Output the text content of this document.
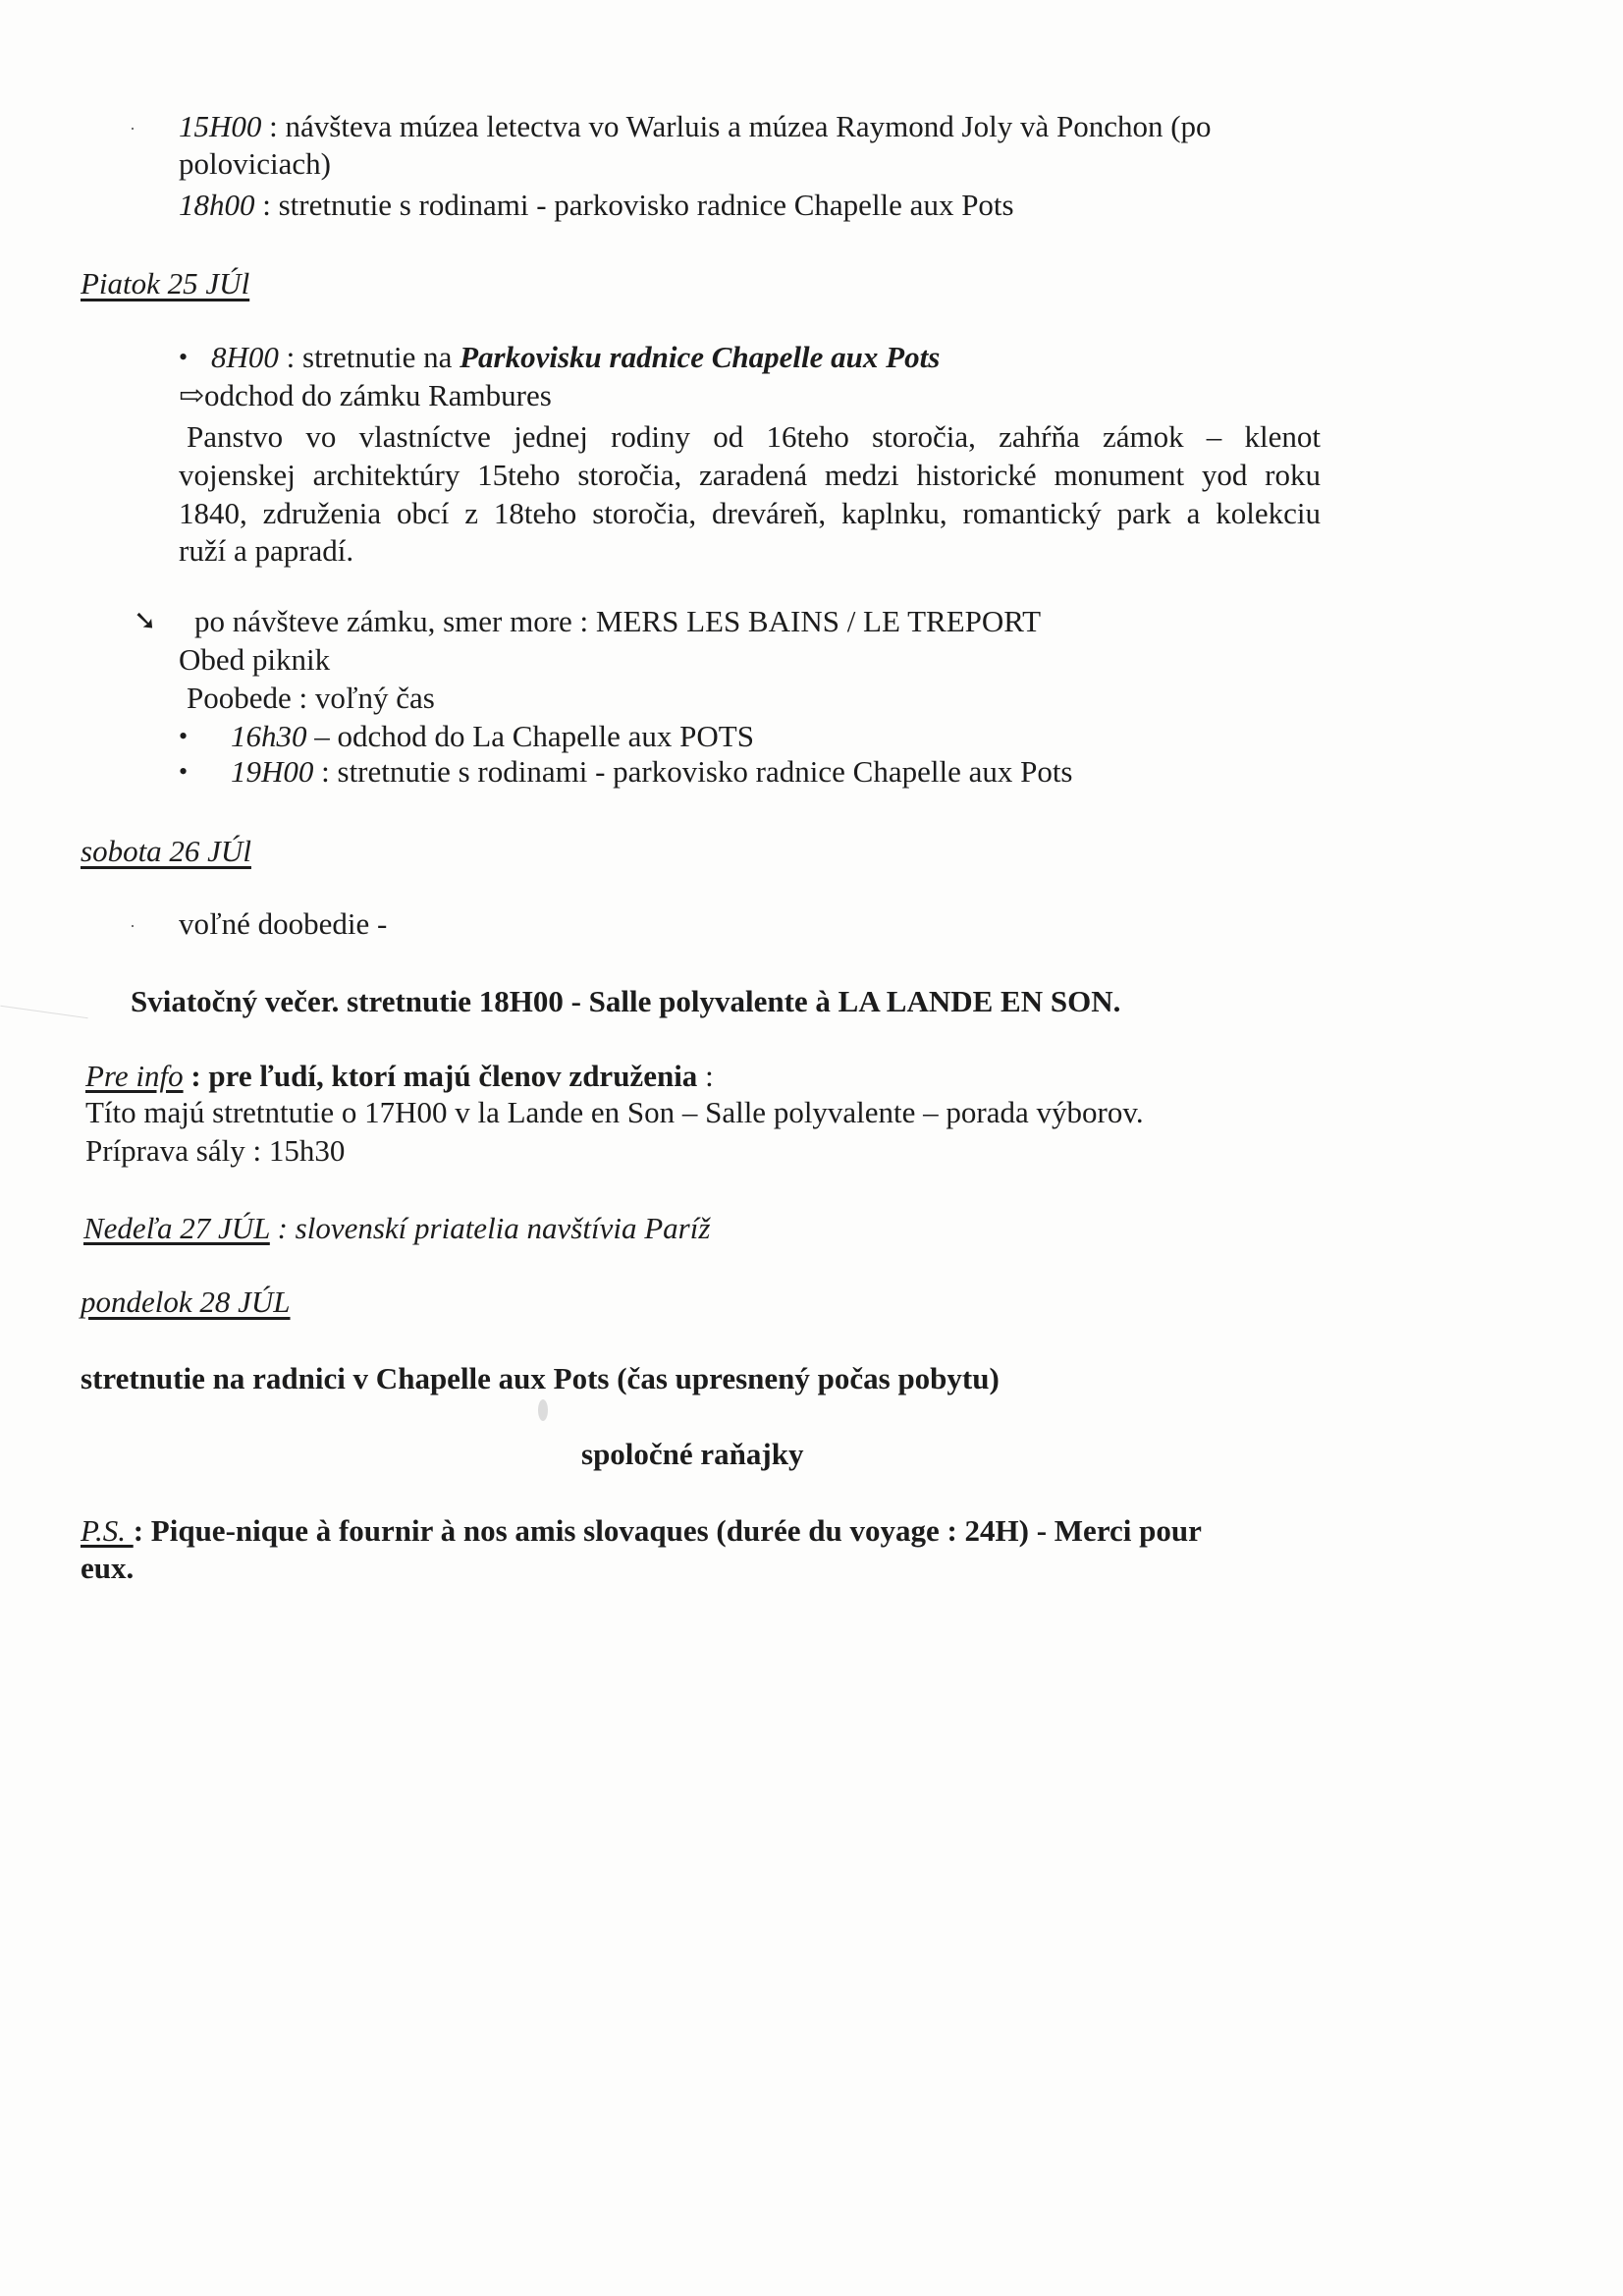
· 15H00 : návšteva múzea letectva vo Warluis a múzea Raymond Joly và Ponchon (po
poloviciach)
18h00 : stretnutie s rodinami - parkovisko radnice Chapelle aux Pots
Piatok 25 JÚl
• 8H00 : stretnutie na Parkovisku radnice Chapelle aux Pots
⇨odchod do zámku Rambures
Panstvo vo vlastníctve jednej rodiny od 16teho storočia, zahŕňa zámok – klenot
vojenskej architektúry 15teho storočia, zaradená medzi historické monument yod roku
1840, združenia obcí z 18teho storočia, dreváreň, kaplnku, romantický park a kolekciu
ruží a papradí.
➘ po návšteve zámku, smer more : MERS LES BAINS / LE TREPORT
Obed piknik
Poobede : voľný čas
• 16h30 – odchod do La Chapelle aux POTS
• 19H00 : stretnutie s rodinami - parkovisko radnice Chapelle aux Pots
sobota 26 JÚl
· voľné doobedie -
Sviatočný večer. stretnutie 18H00 - Salle polyvalente à LA LANDE EN SON.
Pre info : pre ľudí, ktorí majú členov združenia :
Títo majú stretntutie o 17H00 v la Lande en Son – Salle polyvalente – porada výborov.
Príprava sály : 15h30
Nedeľa 27 JÚL : slovenskí priatelia navštívia Paríž
pondelok 28 JÚL
stretnutie na radnici v Chapelle aux Pots (čas upresnený počas pobytu)
spoločné raňajky
P.S. : Pique-nique à fournir à nos amis slovaques (durée du voyage : 24H) - Merci pour
eux.
